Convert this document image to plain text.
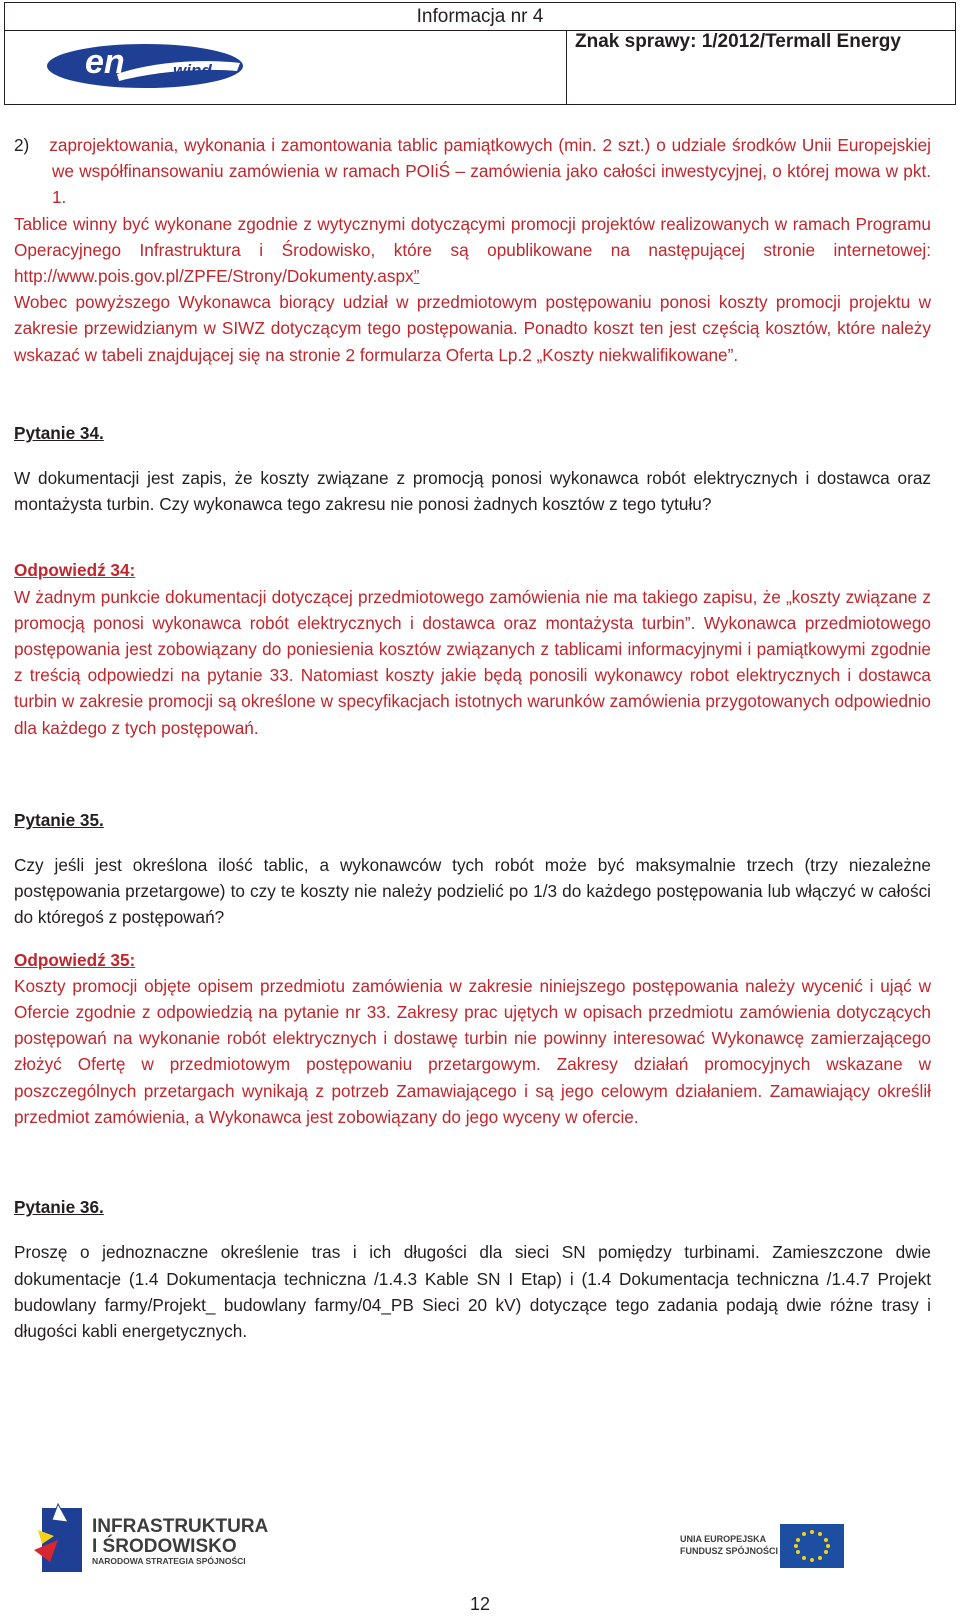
Informacja nr 4
en	wind
Znak sprawy: 1/2012/Termall Energy

2) zaprojektowania, wykonania i zamontowania tablic pamiątkowych (min. 2 szt.) o udziale środków Unii Europejskiej we współfinansowaniu zamówienia w ramach POIiŚ – zamówienia jako całości inwestycyjnej, o której mowa w pkt. 1.

Tablice winny być wykonane zgodnie z wytycznymi dotyczącymi promocji projektów realizowanych w ramach Programu Operacyjnego Infrastruktura i Środowisko, które są opublikowane na następującej stronie internetowej: http://www.pois.gov.pl/ZPFE/Strony/Dokumenty.aspx”

Wobec powyższego Wykonawca biorący udział w przedmiotowym postępowaniu ponosi koszty promocji projektu w zakresie przewidzianym w SIWZ dotyczącym tego postępowania. Ponadto koszt ten jest częścią kosztów, które należy wskazać w tabeli znajdującej się na stronie 2 formularza Oferta Lp.2 „Koszty niekwalifikowane”.

Pytanie 34.

W dokumentacji jest zapis, że koszty związane z promocją ponosi wykonawca robót elektrycznych i dostawca oraz montażysta turbin. Czy wykonawca tego zakresu nie ponosi żadnych kosztów z tego tytułu?

Odpowiedź 34:

W żadnym punkcie dokumentacji dotyczącej przedmiotowego zamówienia nie ma takiego zapisu, że „koszty związane z promocją ponosi wykonawca robót elektrycznych i dostawca oraz montażysta turbin”. Wykonawca przedmiotowego postępowania jest zobowiązany do poniesienia kosztów związanych z tablicami informacyjnymi i pamiątkowymi zgodnie z treścią odpowiedzi na pytanie 33. Natomiast koszty jakie będą ponosili wykonawcy robot elektrycznych i dostawca turbin w zakresie promocji są określone w specyfikacjach istotnych warunków zamówienia przygotowanych odpowiednio dla każdego z tych postępowań.

Pytanie 35.

Czy jeśli jest określona ilość tablic, a wykonawców tych robót może być maksymalnie trzech (trzy niezależne postępowania przetargowe) to czy te koszty nie należy podzielić po 1/3 do każdego postępowania lub włączyć w całości do któregoś z postępowań?

Odpowiedź 35:

Koszty promocji objęte opisem przedmiotu zamówienia w zakresie niniejszego postępowania należy wycenić i ująć w Ofercie zgodnie z odpowiedzią na pytanie nr 33. Zakresy prac ujętych w opisach przedmiotu zamówienia dotyczących postępowań na wykonanie robót elektrycznych i dostawę turbin nie powinny interesować Wykonawcę zamierzającego złożyć Ofertę w przedmiotowym postępowaniu przetargowym. Zakresy działań promocyjnych wskazane w poszczególnych przetargach wynikają z potrzeb Zamawiającego i są jego celowym działaniem. Zamawiający określił przedmiot zamówienia, a Wykonawca jest zobowiązany do jego wyceny w ofercie.

Pytanie 36.

Proszę o jednoznaczne określenie tras i ich długości dla sieci SN pomiędzy turbinami. Zamieszczone dwie dokumentacje (1.4 Dokumentacja techniczna /1.4.3 Kable SN I Etap) i (1.4 Dokumentacja techniczna /1.4.7 Projekt budowlany farmy/Projekt_ budowlany farmy/04_PB Sieci 20 kV) dotyczące tego zadania podają dwie różne trasy i długości kabli energetycznych.

INFRASTRUKTURA
I ŚRODOWISKO
NARODOWA STRATEGIA SPÓJNOŚCI
UNIA EUROPEJSKA
FUNDUSZ SPÓJNOŚCI
12
